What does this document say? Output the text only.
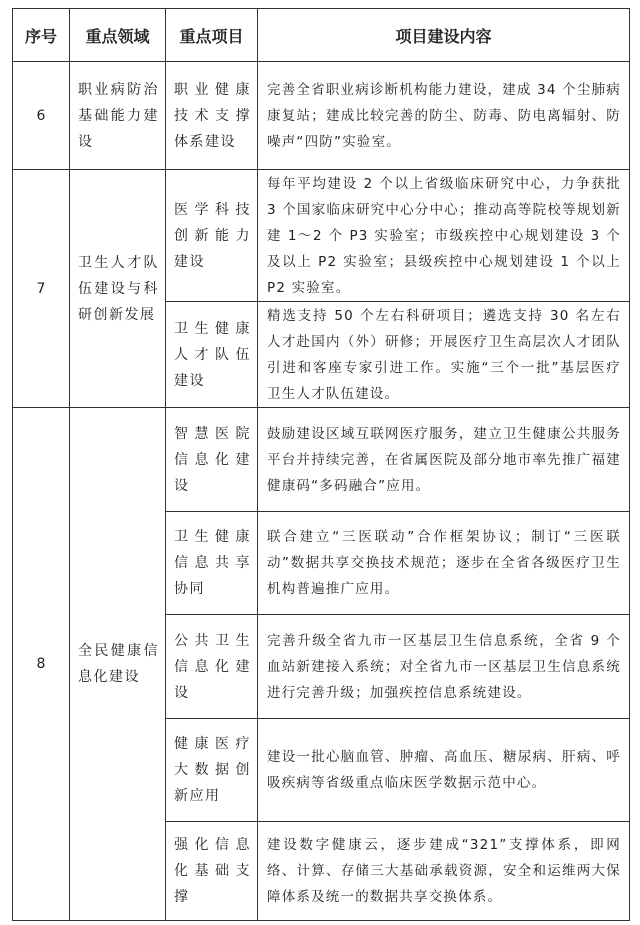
序号	重点领域	重点项目	项目建设内容
6	职业病防治基础能力建设	职业健康技术支撑体系建设	完善全省职业病诊断机构能力建设，建成 34 个尘肺病康复站；建成比较完善的防尘、防毒、防电离辐射、防噪声“四防”实验室。
7	卫生人才队伍建设与科研创新发展	医学科技创新能力建设	每年平均建设 2 个以上省级临床研究中心，力争获批 3 个国家临床研究中心分中心；推动高等院校等规划新建 1～2 个 P3 实验室；市级疾控中心规划建设 3 个及以上 P2 实验室；县级疾控中心规划建设 1 个以上 P2 实验室。
		卫生健康人才队伍建设	精选支持 50 个左右科研项目；遴选支持 30 名左右人才赴国内（外）研修；开展医疗卫生高层次人才团队引进和客座专家引进工作。实施“三个一批”基层医疗卫生人才队伍建设。
8	全民健康信息化建设	智慧医院信息化建设	鼓励建设区域互联网医疗服务，建立卫生健康公共服务平台并持续完善，在省属医院及部分地市率先推广福建健康码“多码融合”应用。
		卫生健康信息共享协同	联合建立“三医联动”合作框架协议；制订“三医联动”数据共享交换技术规范；逐步在全省各级医疗卫生机构普遍推广应用。
		公共卫生信息化建设	完善升级全省九市一区基层卫生信息系统，全省 9 个血站新建接入系统；对全省九市一区基层卫生信息系统进行完善升级；加强疾控信息系统建设。
		健康医疗大数据创新应用	建设一批心脑血管、肿瘤、高血压、糖尿病、肝病、呼吸疾病等省级重点临床医学数据示范中心。
		强化信息化基础支撑	建设数字健康云，逐步建成“321”支撑体系，即网络、计算、存储三大基础承载资源，安全和运维两大保障体系及统一的数据共享交换体系。
